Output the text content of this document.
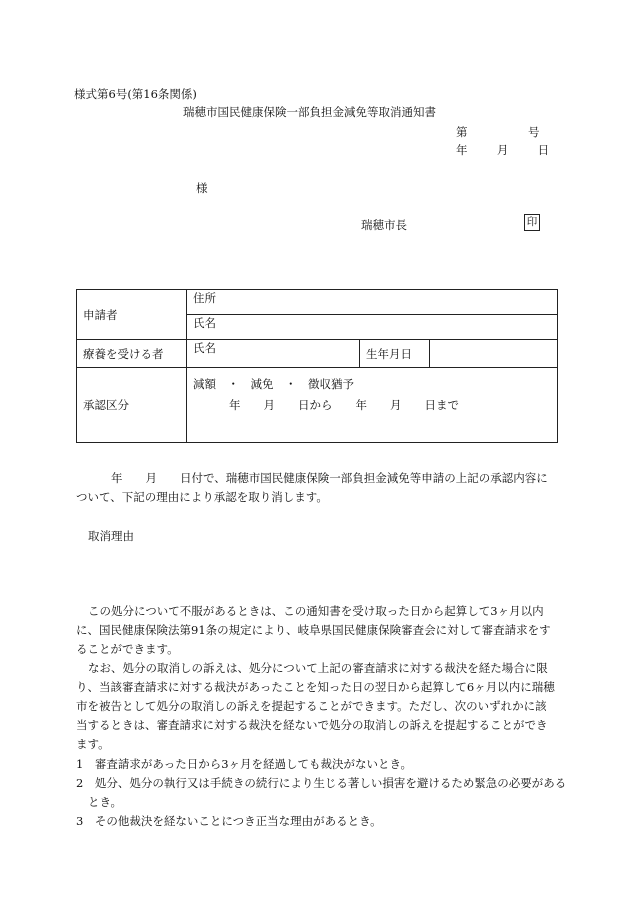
様式第6号(第16条関係)
瑞穂市国民健康保険一部負担金減免等取消通知書
第	号
年	月	日
様
瑞穂市長	印
申請者	住所		
	氏名		
療養を受ける者	氏名	生年月日	
承認区分	減額　・　減免　・　徴収猶予
年　　月　　日から　　年　　月　　日まで		
年　　月　　日付で、瑞穂市国民健康保険一部負担金減免等申請の上記の承認内容について、下記の理由により承認を取り消します。
取消理由
この処分について不服があるときは、この通知書を受け取った日から起算して3ヶ月以内に、国民健康保険法第91条の規定により、岐阜県国民健康保険審査会に対して審査請求をすることができます。
なお、処分の取消しの訴えは、処分について上記の審査請求に対する裁決を経た場合に限り、当該審査請求に対する裁決があったことを知った日の翌日から起算して6ヶ月以内に瑞穂市を被告として処分の取消しの訴えを提起することができます。ただし、次のいずれかに該当するときは、審査請求に対する裁決を経ないで処分の取消しの訴えを提起することができます。
1　審査請求があった日から3ヶ月を経過しても裁決がないとき。
2　処分、処分の執行又は手続きの続行により生じる著しい損害を避けるため緊急の必要があるとき。
3　その他裁決を経ないことにつき正当な理由があるとき。
